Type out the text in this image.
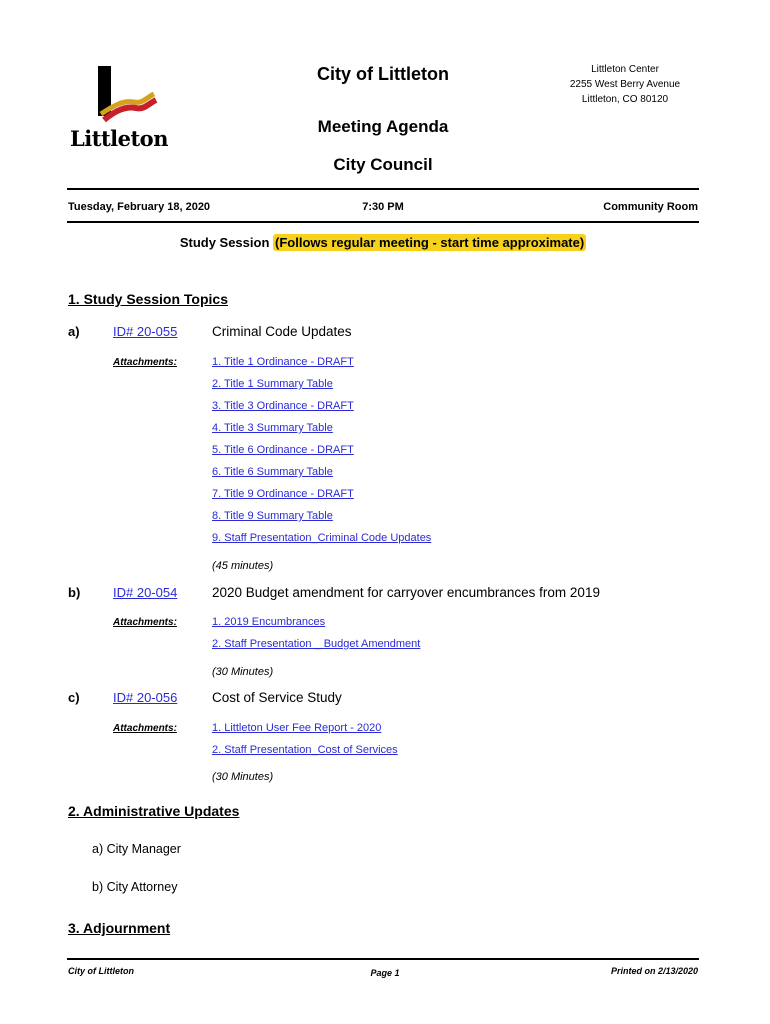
Littleton
City of Littleton	Littleton Center
2255 West Berry Avenue
Littleton, CO 80120
Meeting Agenda
City Council
Tuesday, February 18, 2020	7:30 PM	Community Room
Study Session (Follows regular meeting - start time approximate)
1. Study Session Topics
a)	ID# 20-055	Criminal Code Updates
Attachments:	1. Title 1 Ordinance - DRAFT
2. Title 1 Summary Table
3. Title 3 Ordinance - DRAFT
4. Title 3 Summary Table
5. Title 6 Ordinance - DRAFT
6. Title 6 Summary Table
7. Title 9 Ordinance - DRAFT
8. Title 9 Summary Table
9. Staff Presentation_Criminal Code Updates
(45 minutes)
b)	ID# 20-054	2020 Budget amendment for carryover encumbrances from 2019
Attachments:	1. 2019 Encumbrances
2. Staff Presentation _ Budget Amendment
(30 Minutes)
c)	ID# 20-056	Cost of Service Study
Attachments:	1. Littleton User Fee Report - 2020
2. Staff Presentation_Cost of Services
(30 Minutes)
2. Administrative Updates
a) City Manager
b) City Attorney
3. Adjournment
City of Littleton	Page 1	Printed on 2/13/2020
